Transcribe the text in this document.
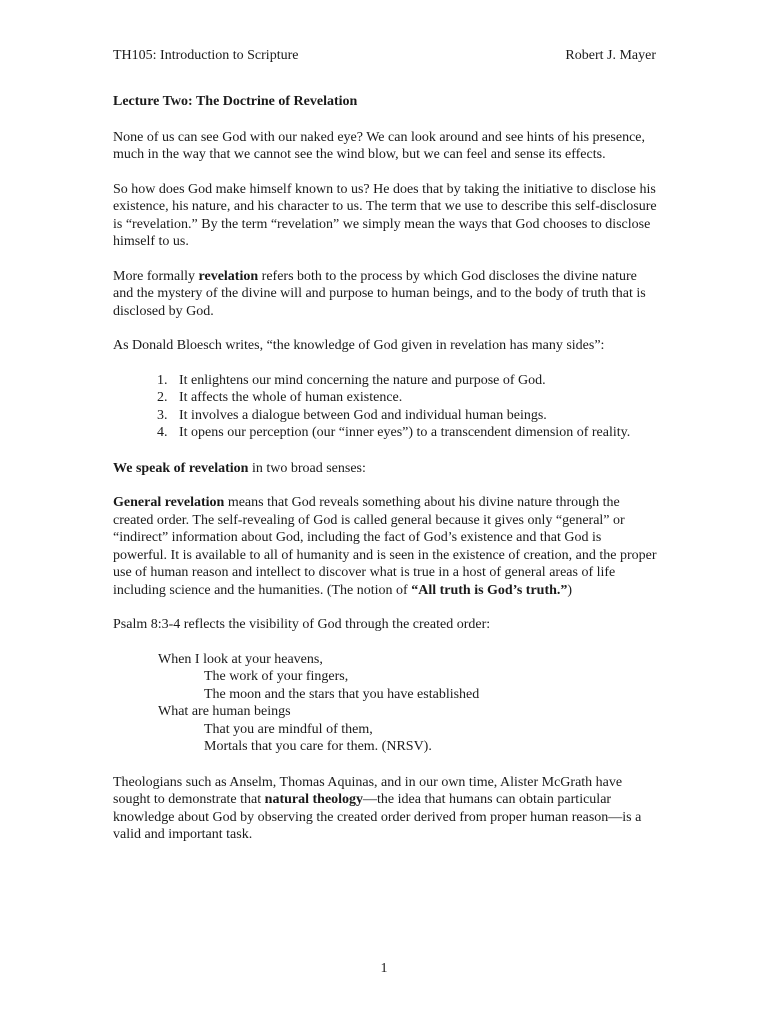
TH105: Introduction to Scripture	Robert J. Mayer

Lecture Two: The Doctrine of Revelation

None of us can see God with our naked eye? We can look around and see hints of his presence, much in the way that we cannot see the wind blow, but we can feel and sense its effects.

So how does God make himself known to us? He does that by taking the initiative to disclose his existence, his nature, and his character to us. The term that we use to describe this self-disclosure is “revelation.” By the term “revelation” we simply mean the ways that God chooses to disclose himself to us.

More formally revelation refers both to the process by which God discloses the divine nature and the mystery of the divine will and purpose to human beings, and to the body of truth that is disclosed by God.

As Donald Bloesch writes, “the knowledge of God given in revelation has many sides”:

1. It enlightens our mind concerning the nature and purpose of God.
2. It affects the whole of human existence.
3. It involves a dialogue between God and individual human beings.
4. It opens our perception (our “inner eyes”) to a transcendent dimension of reality.

We speak of revelation in two broad senses:

General revelation means that God reveals something about his divine nature through the created order. The self-revealing of God is called general because it gives only “general” or “indirect” information about God, including the fact of God’s existence and that God is powerful. It is available to all of humanity and is seen in the existence of creation, and the proper use of human reason and intellect to discover what is true in a host of general areas of life including science and the humanities. (The notion of “All truth is God’s truth.”)

Psalm 8:3-4 reflects the visibility of God through the created order:

When I look at your heavens,
The work of your fingers,
The moon and the stars that you have established
What are human beings
That you are mindful of them,
Mortals that you care for them. (NRSV).

Theologians such as Anselm, Thomas Aquinas, and in our own time, Alister McGrath have sought to demonstrate that natural theology—the idea that humans can obtain particular knowledge about God by observing the created order derived from proper human reason—is a valid and important task.

1
